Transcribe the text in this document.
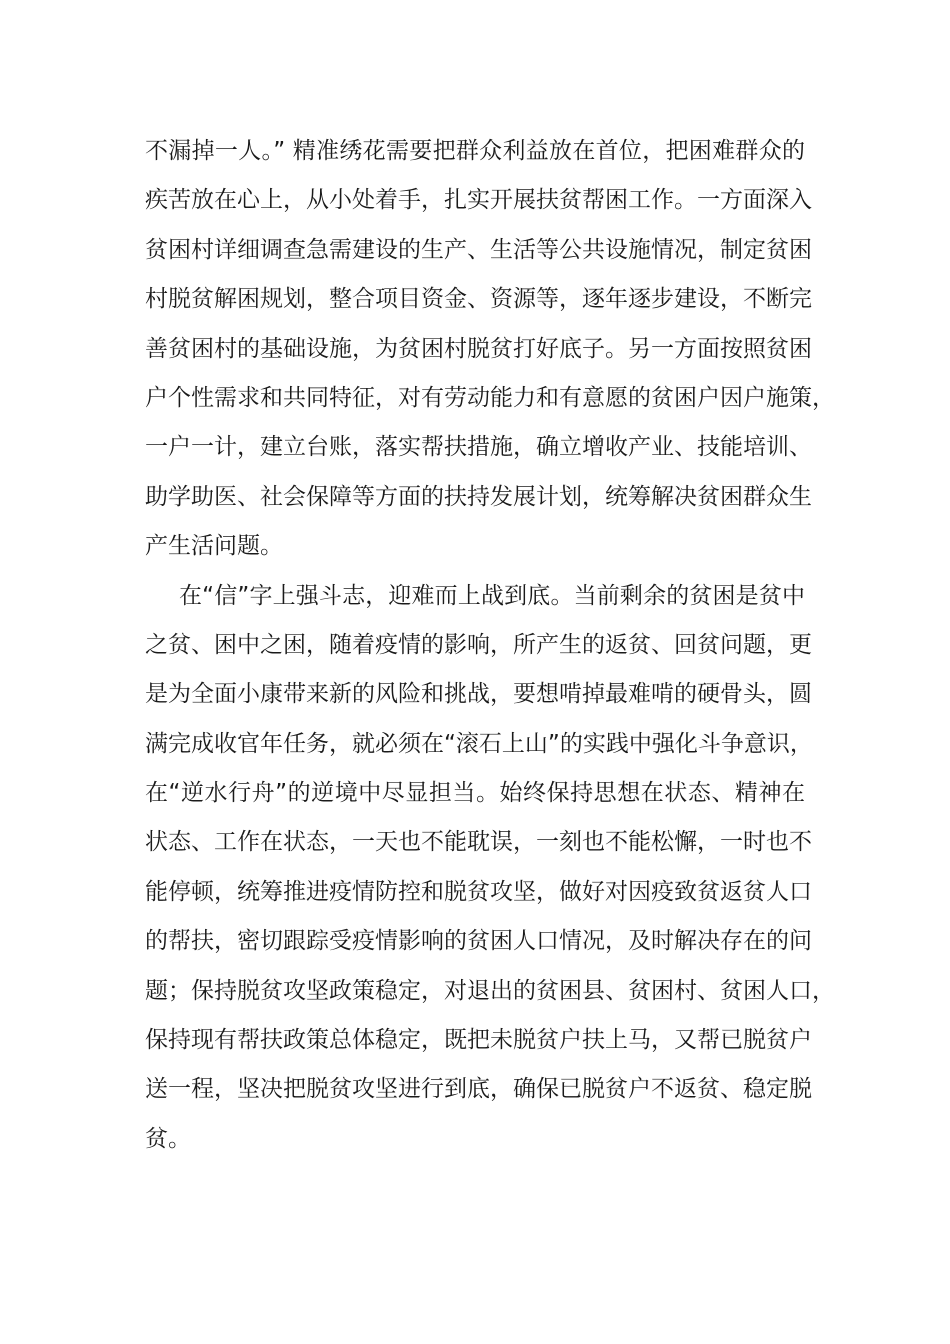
不漏掉一人。” 精准绣花需要把群众利益放在首位，把困难群众的
疾苦放在心上，从小处着手，扎实开展扶贫帮困工作。一方面深入
贫困村详细调查急需建设的生产、生活等公共设施情况，制定贫困
村脱贫解困规划，整合项目资金、资源等，逐年逐步建设，不断完
善贫困村的基础设施，为贫困村脱贫打好底子。另一方面按照贫困
户个性需求和共同特征，对有劳动能力和有意愿的贫困户因户施策，
一户一计，建立台账，落实帮扶措施，确立增收产业、技能培训、
助学助医、社会保障等方面的扶持发展计划，统筹解决贫困群众生
产生活问题。
在“信”字上强斗志，迎难而上战到底。当前剩余的贫困是贫中
之贫、困中之困，随着疫情的影响，所产生的返贫、回贫问题，更
是为全面小康带来新的风险和挑战，要想啃掉最难啃的硬骨头，圆
满完成收官年任务，就必须在“滚石上山”的实践中强化斗争意识，
在“逆水行舟”的逆境中尽显担当。始终保持思想在状态、精神在
状态、工作在状态，一天也不能耽误，一刻也不能松懈，一时也不
能停顿，统筹推进疫情防控和脱贫攻坚，做好对因疫致贫返贫人口
的帮扶，密切跟踪受疫情影响的贫困人口情况，及时解决存在的问
题；保持脱贫攻坚政策稳定，对退出的贫困县、贫困村、贫困人口，
保持现有帮扶政策总体稳定，既把未脱贫户扶上马，又帮已脱贫户
送一程，坚决把脱贫攻坚进行到底，确保已脱贫户不返贫、稳定脱
贫。
